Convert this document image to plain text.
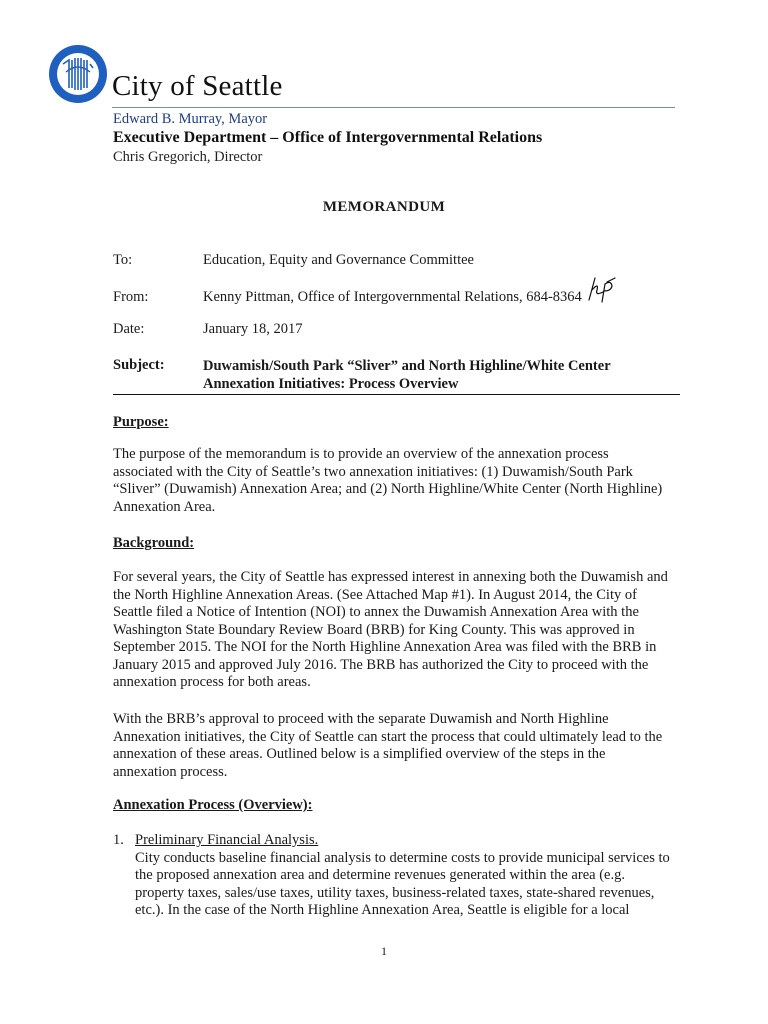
City of Seattle
Edward B. Murray, Mayor
Executive Department – Office of Intergovernmental Relations
Chris Gregorich, Director
MEMORANDUM
To:	Education, Equity and Governance Committee
From:	Kenny Pittman, Office of Intergovernmental Relations, 684-8364
Date:	January 18, 2017
Subject:	Duwamish/South Park “Sliver” and North Highline/White Center
Annexation Initiatives: Process Overview
Purpose:
The purpose of the memorandum is to provide an overview of the annexation process
associated with the City of Seattle’s two annexation initiatives: (1) Duwamish/South Park
“Sliver” (Duwamish) Annexation Area; and (2) North Highline/White Center (North Highline)
Annexation Area.
Background:
For several years, the City of Seattle has expressed interest in annexing both the Duwamish and
the North Highline Annexation Areas. (See Attached Map #1). In August 2014, the City of
Seattle filed a Notice of Intention (NOI) to annex the Duwamish Annexation Area with the
Washington State Boundary Review Board (BRB) for King County. This was approved in
September 2015. The NOI for the North Highline Annexation Area was filed with the BRB in
January 2015 and approved July 2016. The BRB has authorized the City to proceed with the
annexation process for both areas.
With the BRB’s approval to proceed with the separate Duwamish and North Highline
Annexation initiatives, the City of Seattle can start the process that could ultimately lead to the
annexation of these areas. Outlined below is a simplified overview of the steps in the
annexation process.
Annexation Process (Overview):
1. Preliminary Financial Analysis.
City conducts baseline financial analysis to determine costs to provide municipal services to
the proposed annexation area and determine revenues generated within the area (e.g.
property taxes, sales/use taxes, utility taxes, business-related taxes, state-shared revenues,
etc.). In the case of the North Highline Annexation Area, Seattle is eligible for a local
1
